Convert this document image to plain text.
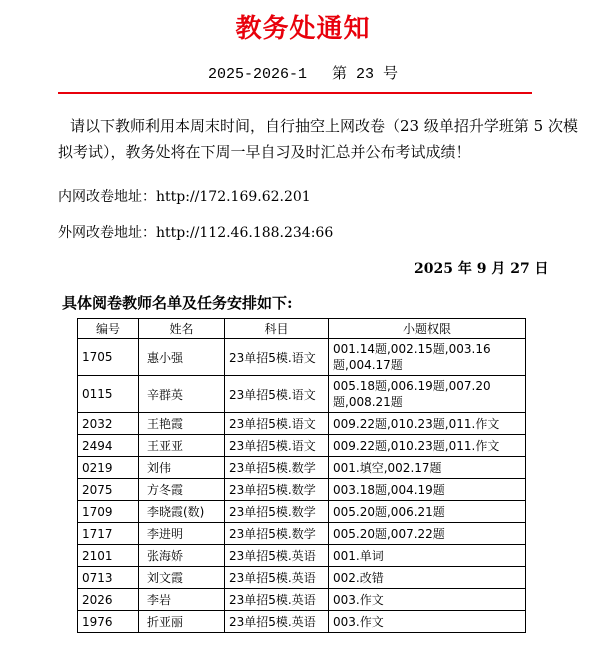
教务处通知
2025-2026-1 第 23 号
请以下教师利用本周末时间，自行抽空上网改卷（23 级单招升学班第 5 次模
拟考试），教务处将在下周一早自习及时汇总并公布考试成绩！
内网改卷地址：http://172.169.62.201
外网改卷地址：http://112.46.188.234:66
2025 年 9 月 27 日
具体阅卷教师名单及任务安排如下:
编号	姓名	科目	小题权限
1705	惠小强	23单招5模.语文	001.14题,002.15题,003.16题,004.17题
0115	辛群英	23单招5模.语文	005.18题,006.19题,007.20题,008.21题
2032	王艳霞	23单招5模.语文	009.22题,010.23题,011.作文
2494	王亚亚	23单招5模.语文	009.22题,010.23题,011.作文
0219	刘伟	23单招5模.数学	001.填空,002.17题
2075	方冬霞	23单招5模.数学	003.18题,004.19题
1709	李晓霞(数)	23单招5模.数学	005.20题,006.21题
1717	李进明	23单招5模.数学	005.20题,007.22题
2101	张海娇	23单招5模.英语	001.单词
0713	刘文霞	23单招5模.英语	002.改错
2026	李岩	23单招5模.英语	003.作文
1976	折亚丽	23单招5模.英语	003.作文
